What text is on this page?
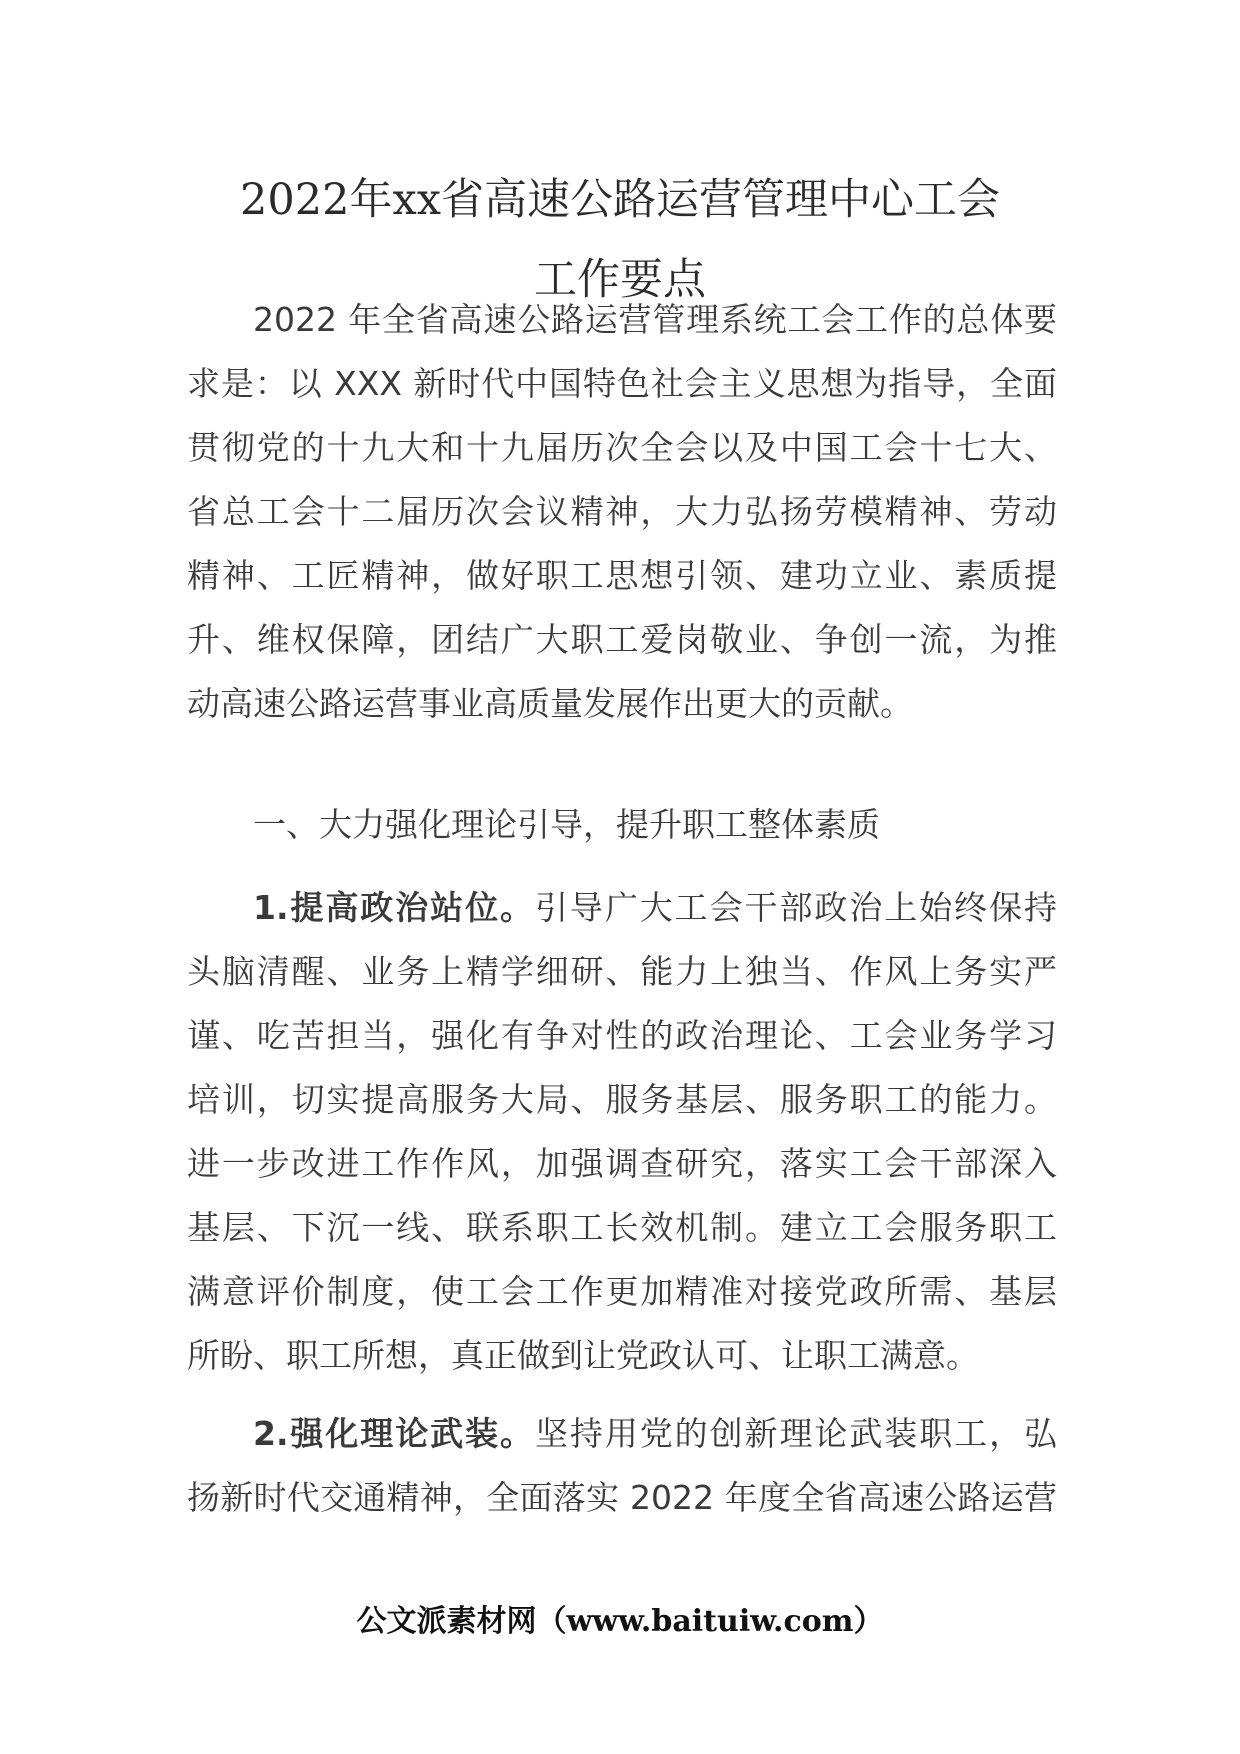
2022年xx省高速公路运营管理中心工会
工作要点
2022 年全省高速公路运营管理系统工会工作的总体要
求是：以 XXX 新时代中国特色社会主义思想为指导，全面
贯彻党的十九大和十九届历次全会以及中国工会十七大、
省总工会十二届历次会议精神，大力弘扬劳模精神、劳动
精神、工匠精神，做好职工思想引领、建功立业、素质提
升、维权保障，团结广大职工爱岗敬业、争创一流，为推
动高速公路运营事业高质量发展作出更大的贡献。
一、大力强化理论引导，提升职工整体素质
1.提高政治站位。引导广大工会干部政治上始终保持
头脑清醒、业务上精学细研、能力上独当、作风上务实严
谨、吃苦担当，强化有争对性的政治理论、工会业务学习
培训，切实提高服务大局、服务基层、服务职工的能力。
进一步改进工作作风，加强调查研究，落实工会干部深入
基层、下沉一线、联系职工长效机制。建立工会服务职工
满意评价制度，使工会工作更加精准对接党政所需、基层
所盼、职工所想，真正做到让党政认可、让职工满意。
2.强化理论武装。坚持用党的创新理论武装职工，弘
扬新时代交通精神，全面落实 2022 年度全省高速公路运营
公文派素材网（www.baituiw.com）
